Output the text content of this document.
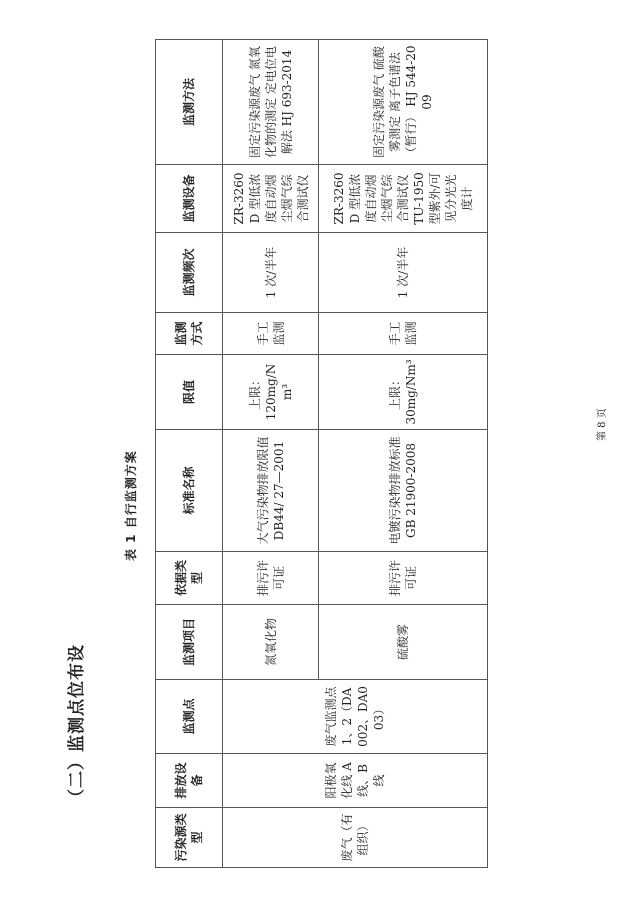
（二）监测点位布设
表 1 自行监测方案
污染源类型	排放设备	监测点	监测项目	依据类型	标准名称	限值	监测方式	监测频次	监测设备	监测方法
废气（有组织）	阳极氧化线 A 线、B 线	废气监测点 1、2（DA002、DA003）	氮氧化物	排污许可证	大气污染物排放限值 DB44/ 27—2001	上限： 120mg/Nm³	手工监测	1 次/半年	ZR-3260D 型低浓度自动烟尘烟气综合测试仪	固定污染源废气 氮氧化物的测定 定电位电解法 HJ 693-2014
			硫酸雾	排污许可证	电镀污染物排放标准 GB 21900-2008	上限： 30mg/Nm³	手工监测	1 次/半年	ZR-3260D 型低浓度自动烟尘烟气综合测试仪 TU-1950 型紫外/可见分光光度计	固定污染源废气 硫酸雾测定 离子色谱法（暂行） HJ 544-2009
第 8 页
